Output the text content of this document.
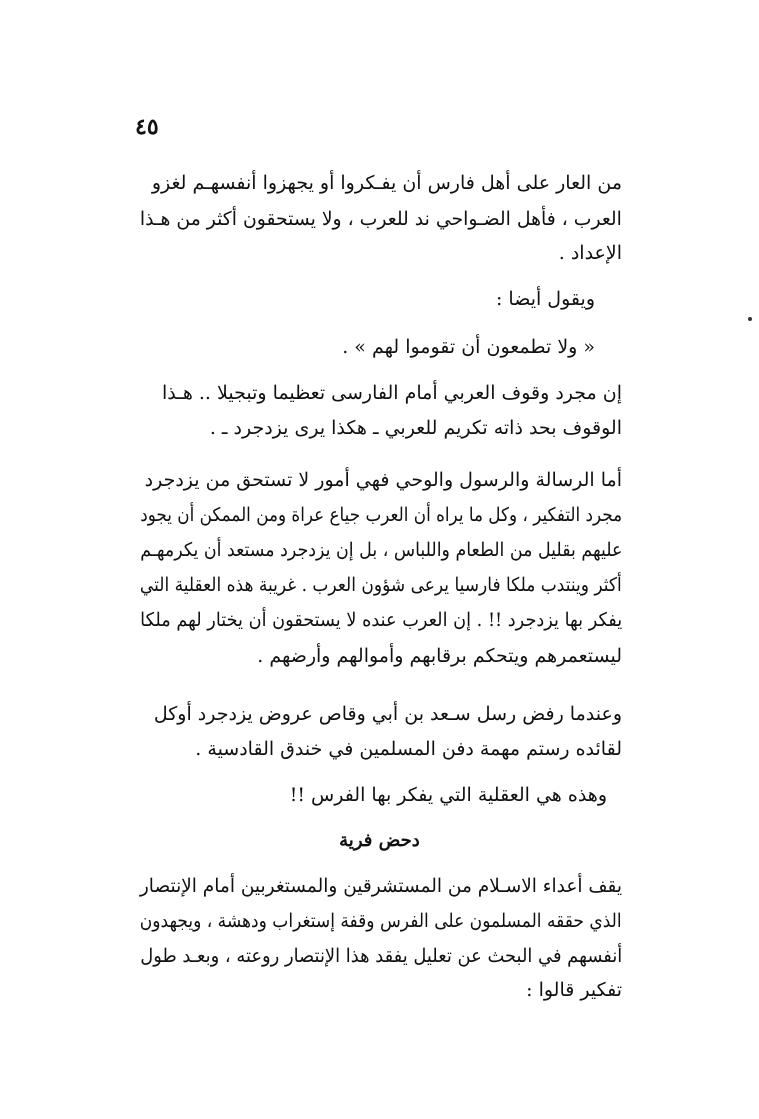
٤٥
من العار على أهل فارس أن يفـكروا أو يجهزوا أنفسهـم لغزو
العرب ، فأهل الضـواحي ند للعرب ، ولا يستحقون أكثر من هـذا
الإعداد .
ويقول أيضا :
« ولا تطمعون أن تقوموا لهم » .
إن مجرد وقوف العربي أمام الفارسى تعظيما وتبجيلا .. هـذا
الوقوف بحد ذاته تكريم للعربي ـ هكذا يرى يزدجرد ـ .
أما الرسالة والرسول والوحي فهي أمور لا تستحق من يزدجرد
مجرد التفكير ، وكل ما يراه أن العرب جياع عراة ومن الممكن أن يجود
عليهم بقليل من الطعام واللباس ، بل إن يزدجرد مستعد أن يكرمهـم
أكثر وينتدب ملكا فارسيا يرعى شؤون العرب . غريبة هذه العقلية التي
يفكر بها يزدجرد !! . إن العرب عنده لا يستحقون أن يختار لهم ملكا
ليستعمرهم ويتحكم برقابهم وأموالهم وأرضهم .
وعندما رفض رسل سـعد بن أبي وقاص عروض يزدجرد أوكل
لقائده رستم مهمة دفن المسلمين في خندق القادسية .
وهذه هي العقلية التي يفكر بها الفرس !!
دحض فرية
يقف أعداء الاسـلام من المستشرقين والمستغربين أمام الإنتصار
الذي حققه المسلمون على الفرس وقفة إستغراب ودهشة ، ويجهدون
أنفسهم في البحث عن تعليل يفقد هذا الإنتصار روعته ، وبعـد طول
تفكير قالوا :
